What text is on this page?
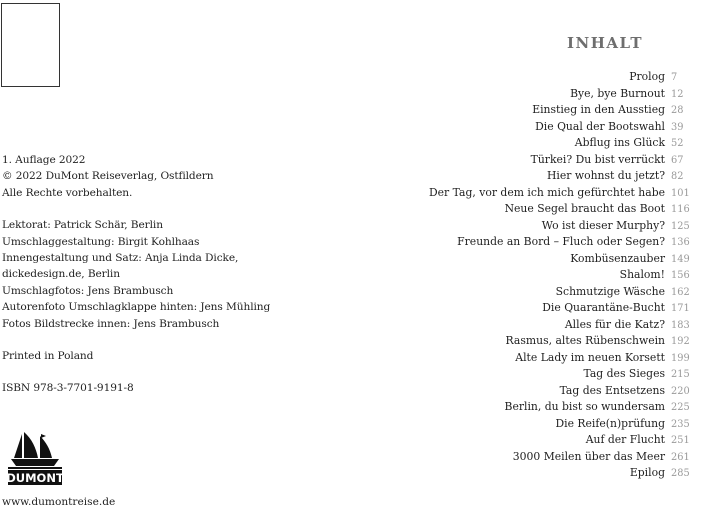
1. Auflage 2022
© 2022 DuMont Reiseverlag, Ostfildern
Alle Rechte vorbehalten.
Lektorat: Patrick Schär, Berlin
Umschlaggestaltung: Birgit Kohlhaas
Innengestaltung und Satz: Anja Linda Dicke,
dickedesign.de, Berlin
Umschlagfotos: Jens Brambusch
Autorenfoto Umschlagklappe hinten: Jens Mühling
Fotos Bildstrecke innen: Jens Brambusch
Printed in Poland
ISBN 978-3-7701-9191-8
DUMONT
www.dumontreise.de
INHALT
Prolog 7
Bye, bye Burnout 12
Einstieg in den Ausstieg 28
Die Qual der Bootswahl 39
Abflug ins Glück 52
Türkei? Du bist verrückt 67
Hier wohnst du jetzt? 82
Der Tag, vor dem ich mich gefürchtet habe 101
Neue Segel braucht das Boot 116
Wo ist dieser Murphy? 125
Freunde an Bord – Fluch oder Segen? 136
Kombüsenzauber 149
Shalom! 156
Schmutzige Wäsche 162
Die Quarantäne-Bucht 171
Alles für die Katz? 183
Rasmus, altes Rübenschwein 192
Alte Lady im neuen Korsett 199
Tag des Sieges 215
Tag des Entsetzens 220
Berlin, du bist so wundersam 225
Die Reife(n)prüfung 235
Auf der Flucht 251
3000 Meilen über das Meer 261
Epilog 285
